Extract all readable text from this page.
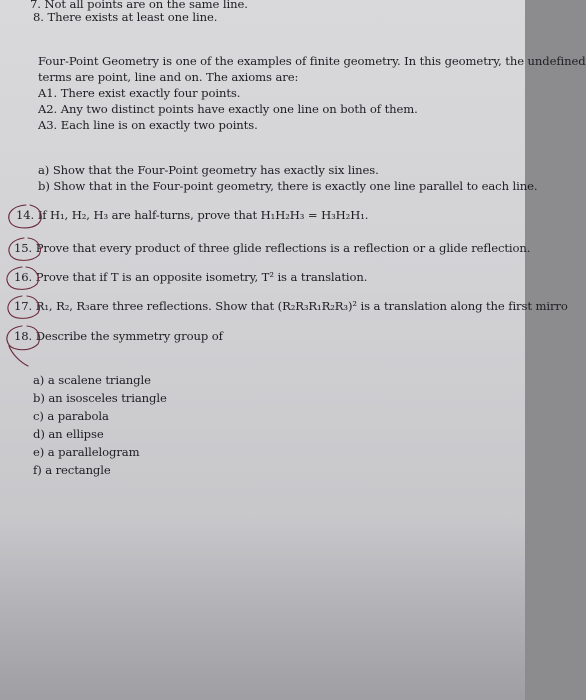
7. Not all points are on the same line.
8. There exists at least one line.
Four-Point Geometry is one of the examples of finite geometry. In this geometry, the undefined
terms are point, line and on. The axioms are:
A1. There exist exactly four points.
A2. Any two distinct points have exactly one line on both of them.
A3. Each line is on exactly two points.
a) Show that the Four-Point geometry has exactly six lines.
b) Show that in the Four-point geometry, there is exactly one line parallel to each line.
14. If H₁, H₂, H₃ are half-turns, prove that H₁H₂H₃ = H₃H₂H₁.
15. Prove that every product of three glide reflections is a reflection or a glide reflection.
16. Prove that if T is an opposite isometry, T² is a translation.
17. R₁, R₂, R₃are three reflections. Show that (R₂R₃R₁R₂R₃)² is a translation along the first mirro
18. Describe the symmetry group of
a) a scalene triangle
b) an isosceles triangle
c) a parabola
d) an ellipse
e) a parallelogram
f) a rectangle
